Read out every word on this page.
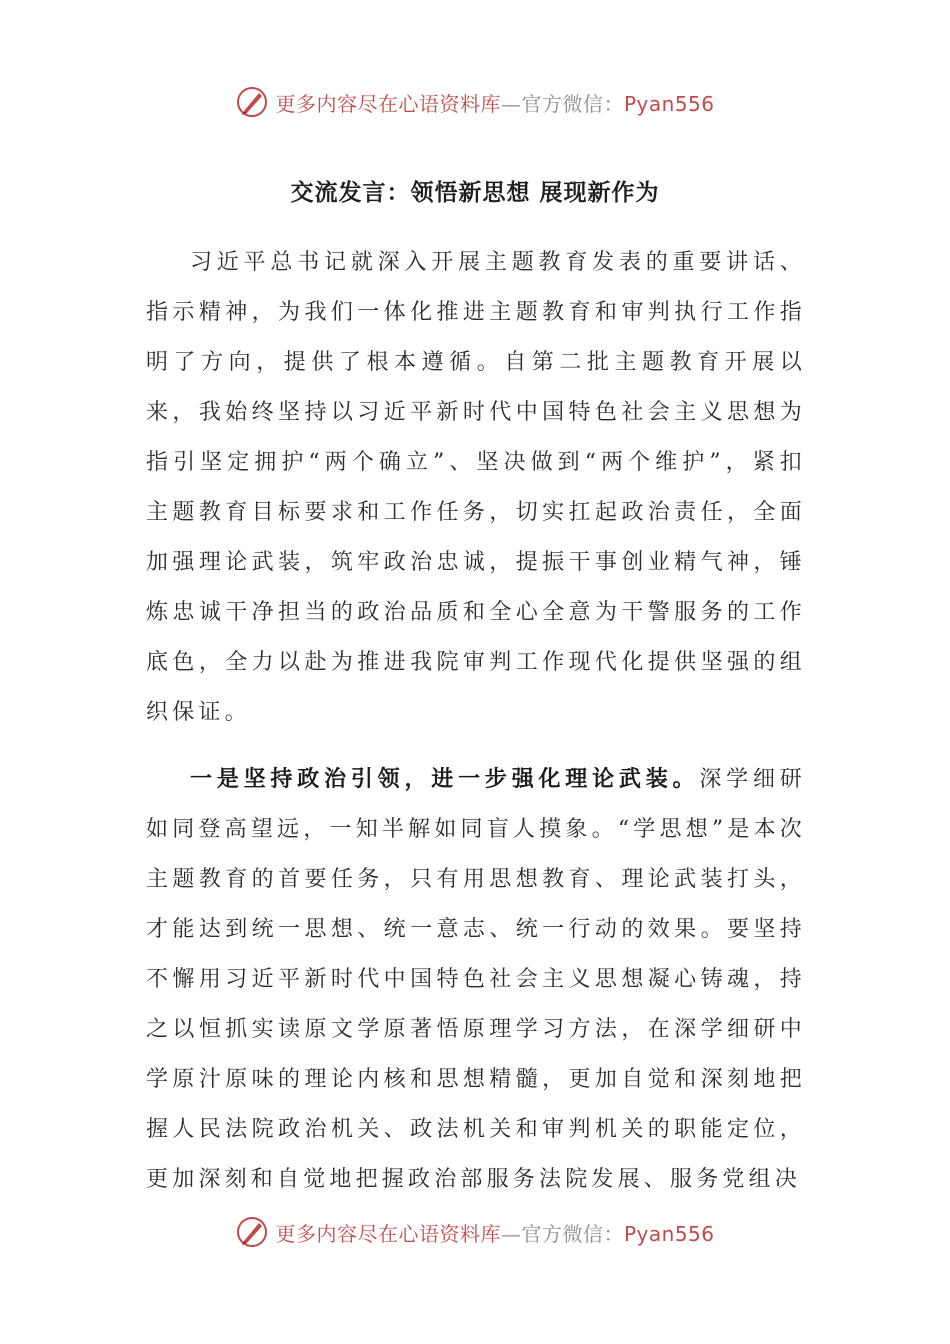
更多内容尽在心语资料库—官方微信：Pyan556
交流发言：领悟新思想 展现新作为

习近平总书记就深入开展主题教育发表的重要讲话、指示精神，为我们一体化推进主题教育和审判执行工作指明了方向，提供了根本遵循。自第二批主题教育开展以来，我始终坚持以习近平新时代中国特色社会主义思想为指引坚定拥护“两个确立”、坚决做到“两个维护”，紧扣主题教育目标要求和工作任务，切实扛起政治责任，全面加强理论武装，筑牢政治忠诚，提振干事创业精气神，锤炼忠诚干净担当的政治品质和全心全意为干警服务的工作底色，全力以赴为推进我院审判工作现代化提供坚强的组织保证。

一是坚持政治引领，进一步强化理论武装。深学细研如同登高望远，一知半解如同盲人摸象。“学思想”是本次主题教育的首要任务，只有用思想教育、理论武装打头，才能达到统一思想、统一意志、统一行动的效果。要坚持不懈用习近平新时代中国特色社会主义思想凝心铸魂，持之以恒抓实读原文学原著悟原理学习方法，在深学细研中学原汁原味的理论内核和思想精髓，更加自觉和深刻地把握人民法院政治机关、政法机关和审判机关的职能定位，更加深刻和自觉地把握政治部服务法院发展、服务党组决

更多内容尽在心语资料库—官方微信：Pyan556
